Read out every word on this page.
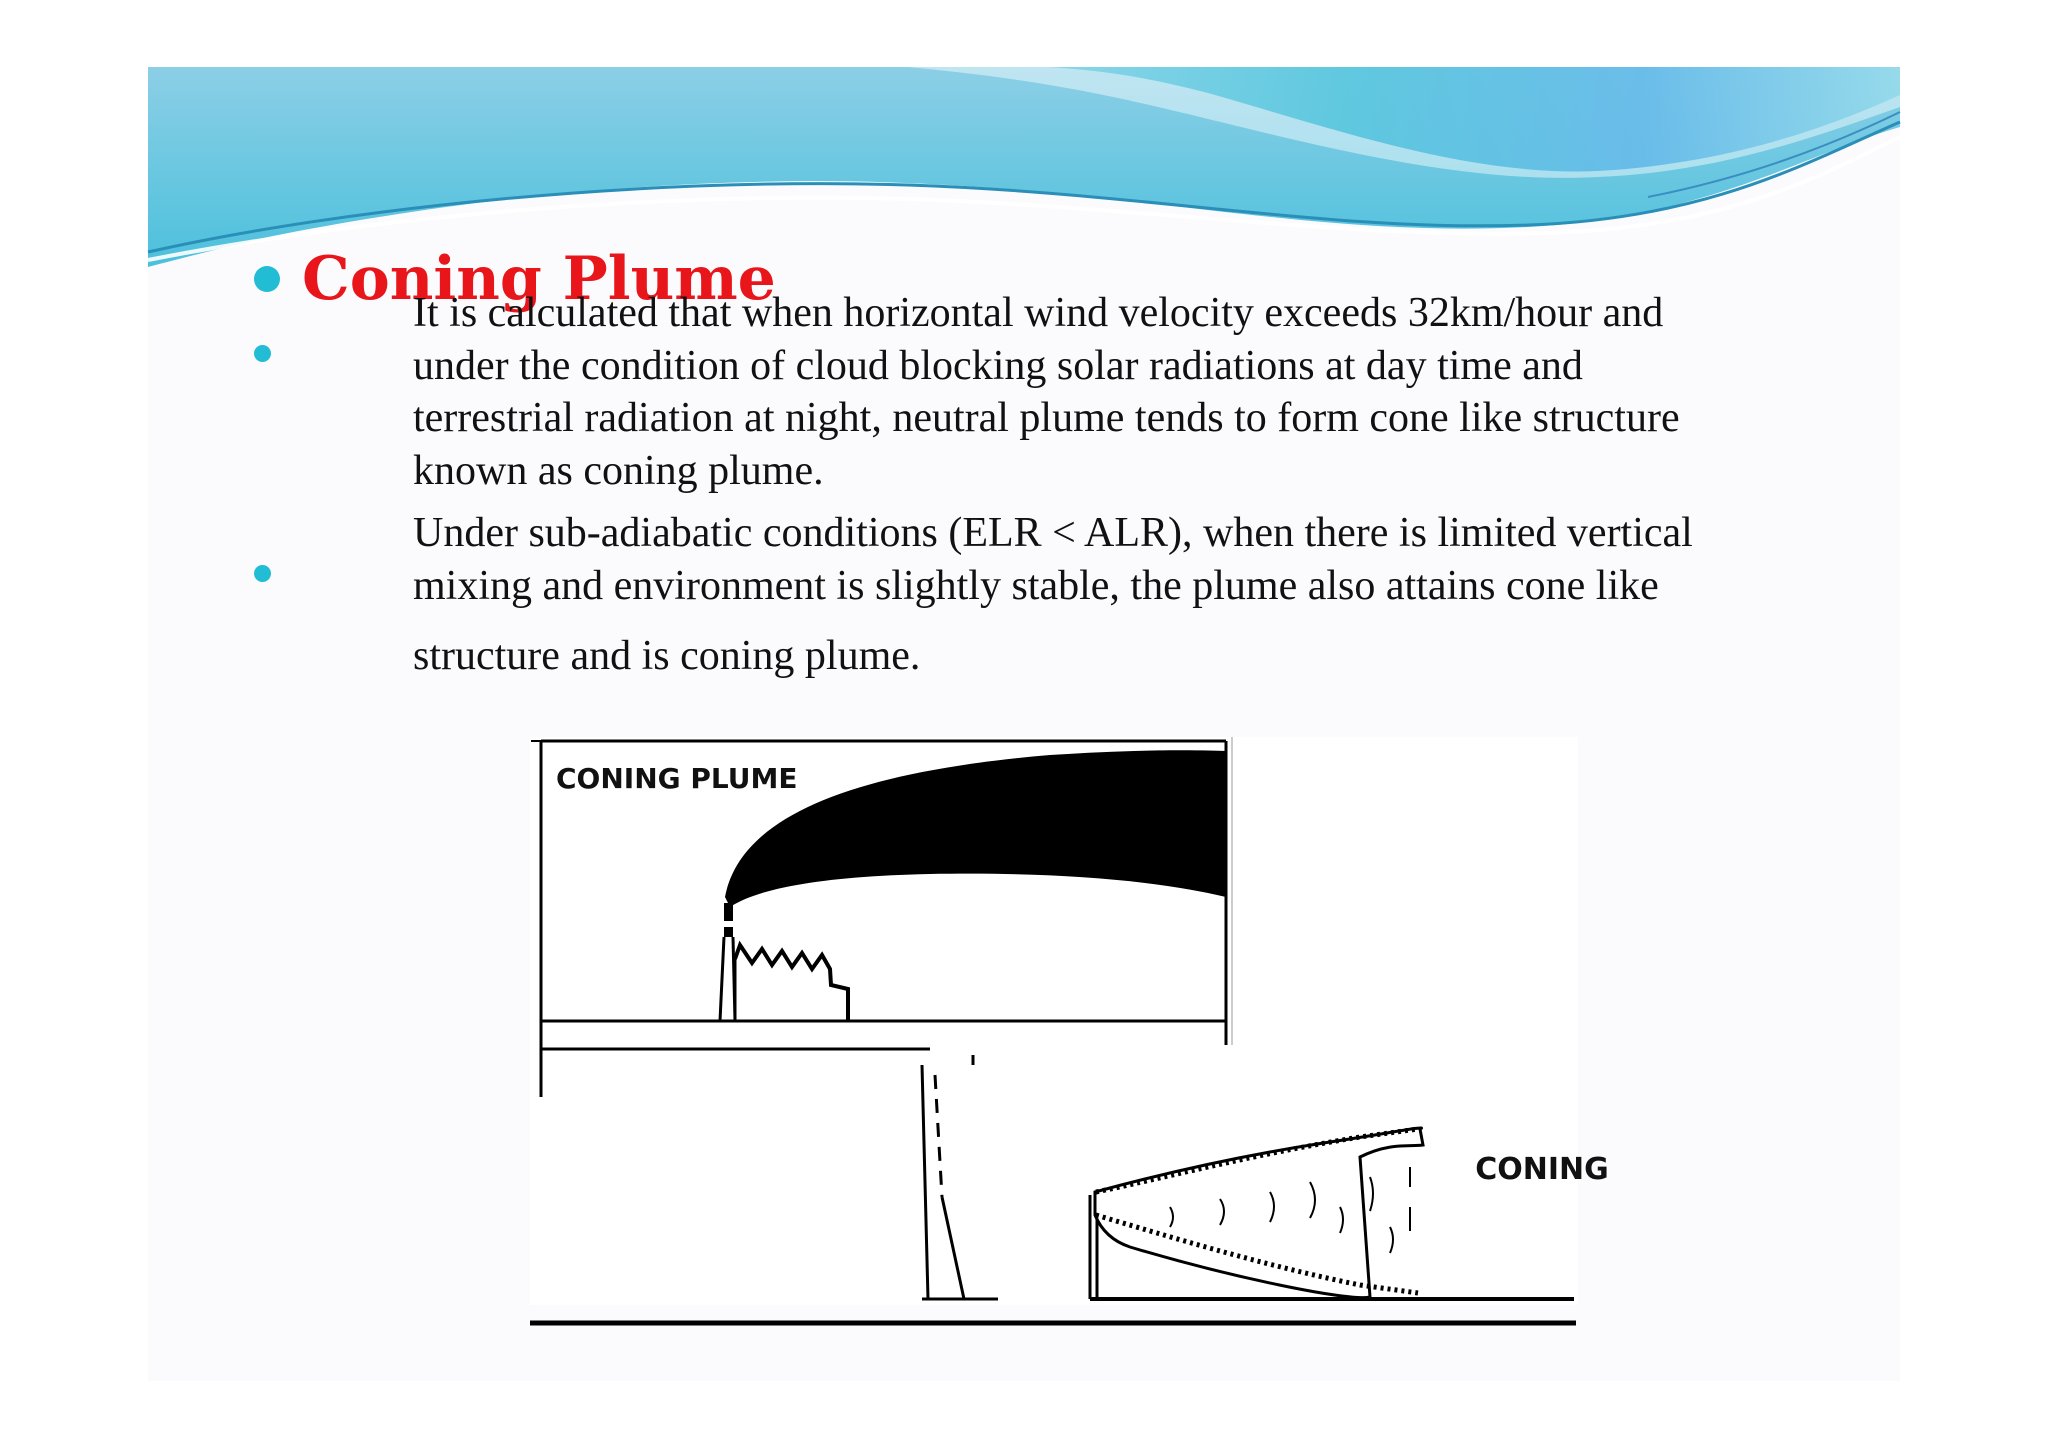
Coning Plume
It is calculated that when horizontal wind velocity exceeds 32km/hour and
under the condition of cloud blocking solar radiations at day time and
terrestrial radiation at night, neutral plume tends to form cone like structure
known as coning plume.
Under sub-adiabatic conditions (ELR < ALR), when there is limited vertical
mixing and environment is slightly stable, the plume also attains cone like
structure and is coning plume.
CONING PLUME
CONING
